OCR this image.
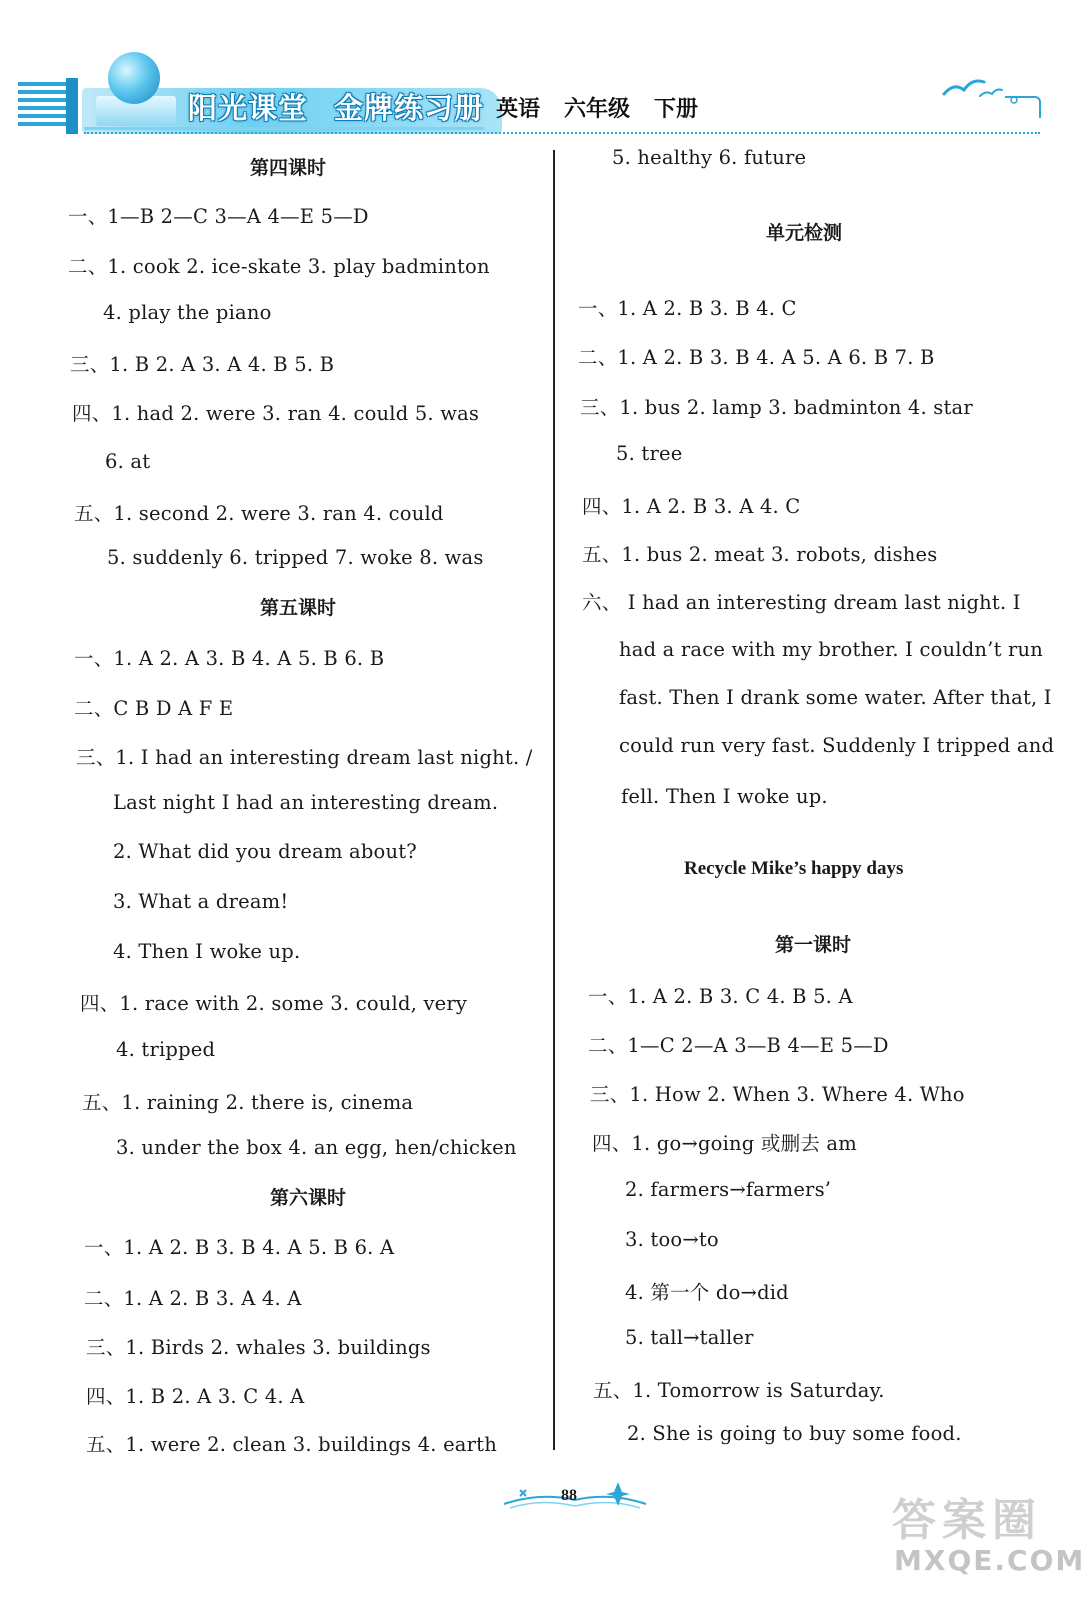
阳光课堂 金牌练习册 英语 六年级 下册
第四课时
一、1—B 2—C 3—A 4—E 5—D
二、1. cook 2. ice-skate 3. play badminton
4. play the piano
三、1. B 2. A 3. A 4. B 5. B
四、1. had 2. were 3. ran 4. could 5. was
6. at
五、1. second 2. were 3. ran 4. could
5. suddenly 6. tripped 7. woke 8. was
第五课时
一、1. A 2. A 3. B 4. A 5. B 6. B
二、C B D A F E
三、1. I had an interesting dream last night. /
Last night I had an interesting dream.
2. What did you dream about?
3. What a dream!
4. Then I woke up.
四、1. race with 2. some 3. could, very
4. tripped
五、1. raining 2. there is, cinema
3. under the box 4. an egg, hen/chicken
第六课时
一、1. A 2. B 3. B 4. A 5. B 6. A
二、1. A 2. B 3. A 4. A
三、1. Birds 2. whales 3. buildings
四、1. B 2. A 3. C 4. A
五、1. were 2. clean 3. buildings 4. earth
5. healthy 6. future
单元检测
一、1. A 2. B 3. B 4. C
二、1. A 2. B 3. B 4. A 5. A 6. B 7. B
三、1. bus 2. lamp 3. badminton 4. star
5. tree
四、1. A 2. B 3. A 4. C
五、1. bus 2. meat 3. robots, dishes
六、 I had an interesting dream last night. I
had a race with my brother. I couldn’t run
fast. Then I drank some water. After that, I
could run very fast. Suddenly I tripped and
fell. Then I woke up.
Recycle Mike’s happy days
第一课时
一、1. A 2. B 3. C 4. B 5. A
二、1—C 2—A 3—B 4—E 5—D
三、1. How 2. When 3. Where 4. Who
四、1. go→going 或删去 am
2. farmers→farmers’
3. too→to
4. 第一个 do→did
5. tall→taller
五、1. Tomorrow is Saturday.
2. She is going to buy some food.
88	答案圈
MXQE.COM
